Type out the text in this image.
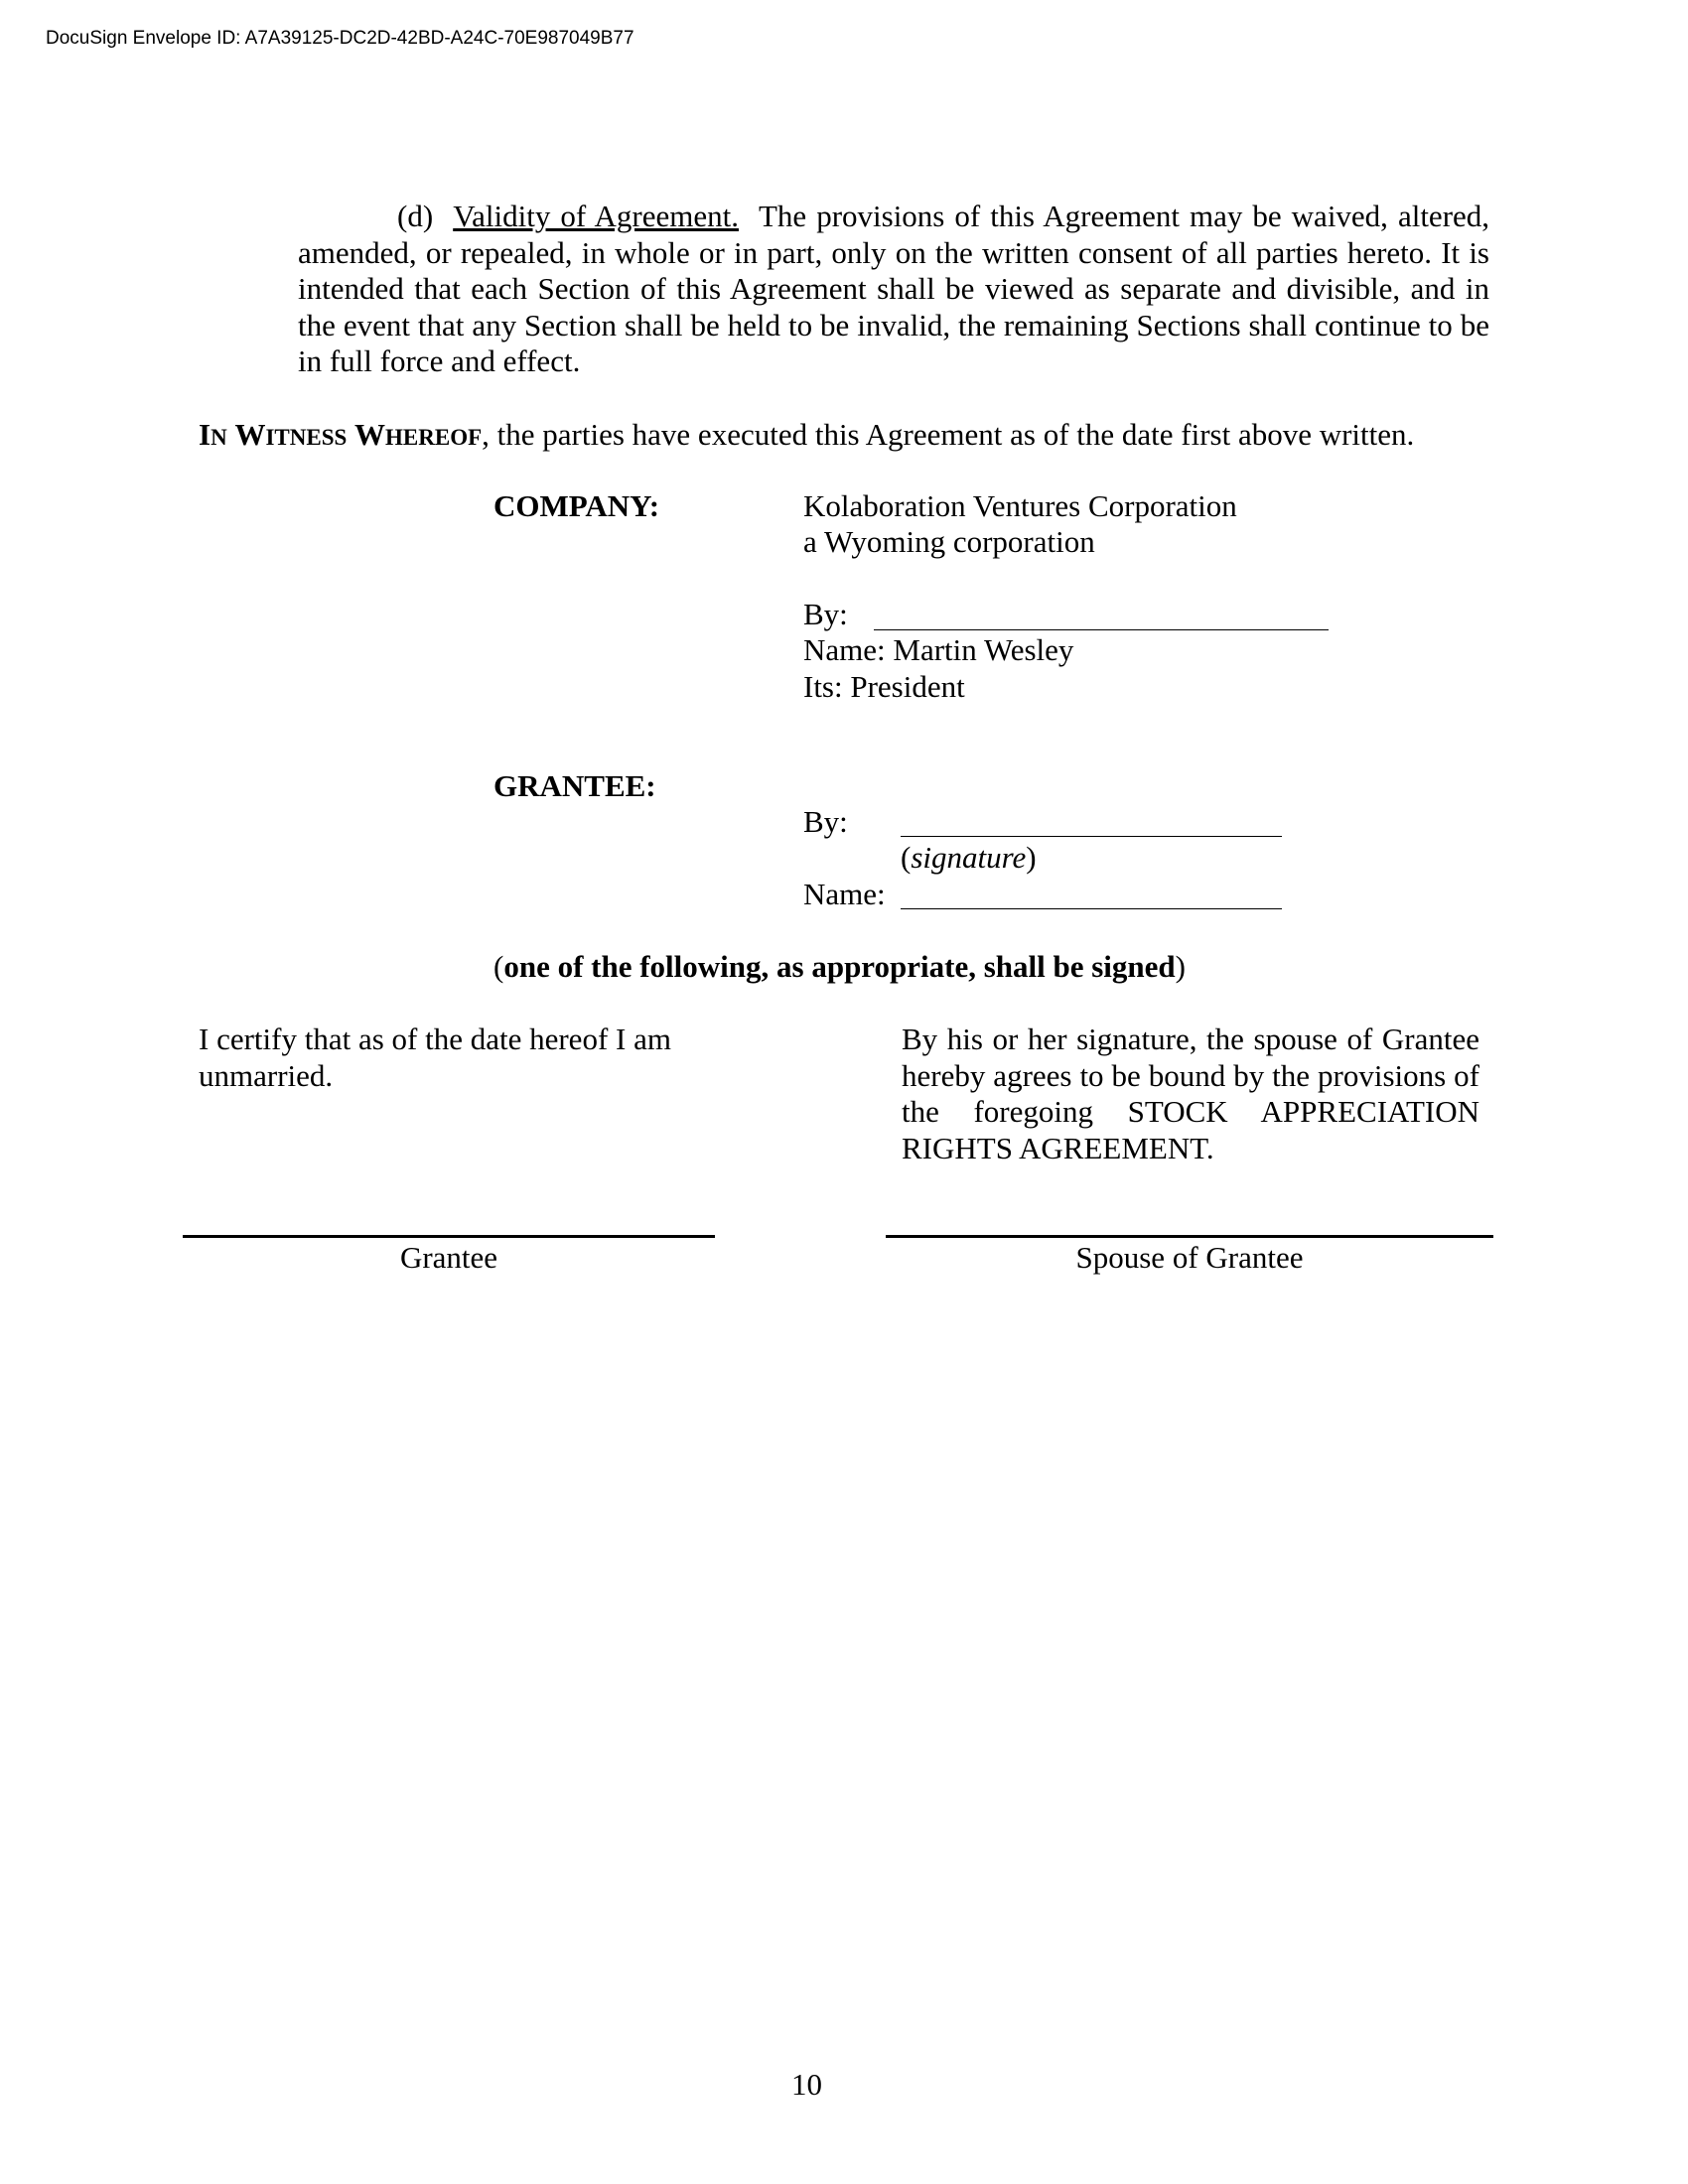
DocuSign Envelope ID: A7A39125-DC2D-42BD-A24C-70E987049B77
(d) Validity of Agreement. The provisions of this Agreement may be waived, altered, amended, or repealed, in whole or in part, only on the written consent of all parties hereto. It is intended that each Section of this Agreement shall be viewed as separate and divisible, and in the event that any Section shall be held to be invalid, the remaining Sections shall continue to be in full force and effect.
IN WITNESS WHEREOF, the parties have executed this Agreement as of the date first above written.
COMPANY:	Kolaboration Ventures Corporation
a Wyoming corporation
By:
Name: Martin Wesley
Its: President
GRANTEE:
By:
(signature)
Name:
(one of the following, as appropriate, shall be signed)
I certify that as of the date hereof I am unmarried.
By his or her signature, the spouse of Grantee hereby agrees to be bound by the provisions of the foregoing STOCK APPRECIATION RIGHTS AGREEMENT.
Grantee	Spouse of Grantee
10
